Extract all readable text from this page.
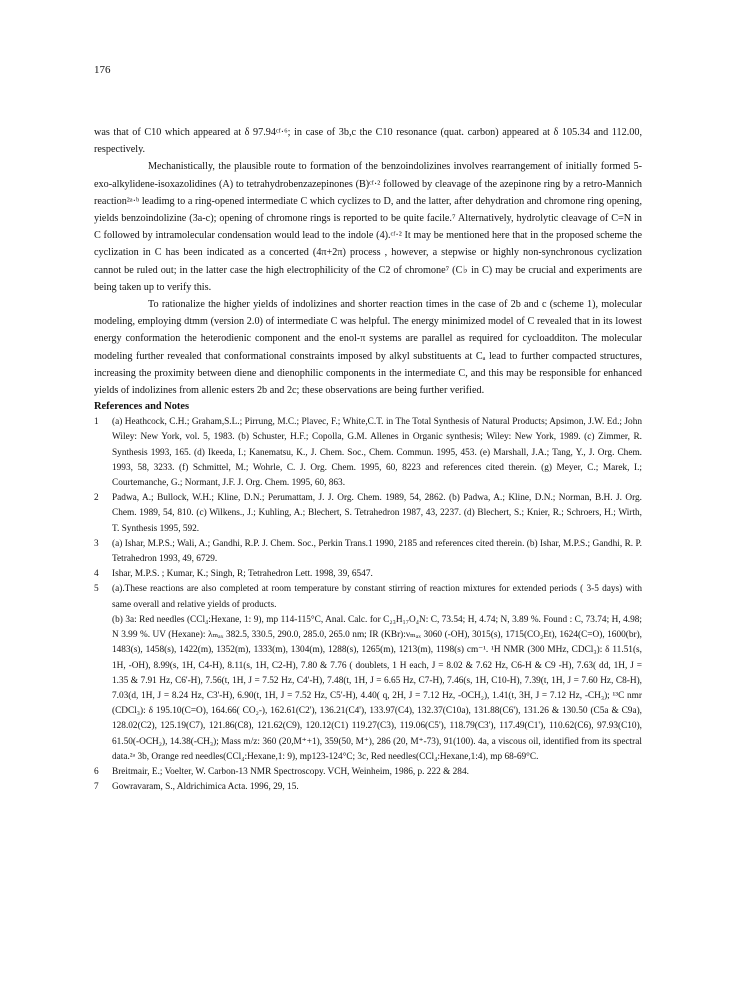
176

was that of C10 which appeared at δ 97.94ᶜᶠ·⁶; in case of 3b,c the C10 resonance (quat. carbon) appeared at δ 105.34 and 112.00, respectively.

Mechanistically, the plausible route to formation of the benzoindolizines involves rearrangement of initially formed 5-exo-alkylidene-isoxazolidines (A) to tetrahydrobenzazepinones (B)ᶜᶠ·² followed by cleavage of the azepinone ring by a retro-Mannich reaction²ᵃ·ᵇ leadimg to a ring-opened intermediate C which cyclizes to D, and the latter, after dehydration and chromone ring opening, yields benzoindolizine (3a-c); opening of chromone rings is reported to be quite facile.⁷ Alternatively, hydrolytic cleavage of C=N in C followed by intramolecular condensation would lead to the indole (4).ᶜᶠ·² It may be mentioned here that in the proposed scheme the cyclization in C has been indicated as a concerted (4π+2π) process , however, a stepwise or highly non-synchronous cyclization cannot be ruled out; in the latter case the high electrophilicity of the C2 of chromone⁷ (C♭ in C) may be crucial and experiments are being taken up to verify this.

To rationalize the higher yields of indolizines and shorter reaction times in the case of 2b and c (scheme 1), molecular modeling, employing dtmm (version 2.0) of intermediate C was helpful. The energy minimized model of C revealed that in its lowest energy conformation the heterodienic component and the enol-π systems are parallel as required for cycloadditon. The molecular modeling further revealed that conformational constraints imposed by alkyl substituents at Cₐ lead to further compacted structures, increasing the proximity between diene and dienophilic components in the intermediate C, and this may be responsible for enhanced yields of indolizines from allenic esters 2b and 2c; these observations are being further verified.

References and Notes

1 (a) Heathcock, C.H.; Graham,S.L.; Pirrung, M.C.; Plavec, F.; White,C.T. in The Total Synthesis of Natural Products; Apsimon, J.W. Ed.; John Wiley: New York, vol. 5, 1983. (b) Schuster, H.F.; Copolla, G.M. Allenes in Organic synthesis; Wiley: New York, 1989. (c) Zimmer, R. Synthesis 1993, 165. (d) Ikeeda, I.; Kanematsu, K., J. Chem. Soc., Chem. Commun. 1995, 453. (e) Marshall, J.A.; Tang, Y., J. Org. Chem. 1993, 58, 3233. (f) Schmittel, M.; Wohrle, C. J. Org. Chem. 1995, 60, 8223 and references cited therein. (g) Meyer, C.; Marek, I.; Courtemanche, G.; Normant, J.F. J. Org. Chem. 1995, 60, 863.
2 Padwa, A.; Bullock, W.H.; Kline, D.N.; Perumattam, J. J. Org. Chem. 1989, 54, 2862. (b) Padwa, A.; Kline, D.N.; Norman, B.H. J. Org. Chem. 1989, 54, 810. (c) Wilkens., J.; Kuhling, A.; Blechert, S. Tetrahedron 1987, 43, 2237. (d) Blechert, S.; Knier, R.; Schroers, H.; Wirth, T. Synthesis 1995, 592.
3 (a) Ishar, M.P.S.; Wali, A.; Gandhi, R.P. J. Chem. Soc., Perkin Trans.1 1990, 2185 and references cited therein. (b) Ishar, M.P.S.; Gandhi, R. P. Tetrahedron 1993, 49, 6729.
4 Ishar, M.P.S. ; Kumar, K.; Singh, R; Tetrahedron Lett. 1998, 39, 6547.
5 (a).These reactions are also completed at room temperature by constant stirring of reaction mixtures for extended periods ( 3-5 days) with same overall and relative yields of products.
(b) 3a: Red needles (CCl₄:Hexane, 1: 9), mp 114-115°C, Anal. Calc. for C₂₃H₁₇O₄N: C, 73.54; H, 4.74; N, 3.89 %. Found : C, 73.74; H, 4.98; N 3.99 %. UV (Hexane): λₘₐₓ 382.5, 330.5, 290.0, 285.0, 265.0 nm; IR (KBr):νₘₐₓ 3060 (-OH), 3015(s), 1715(CO₂Et), 1624(C=O), 1600(br), 1483(s), 1458(s), 1422(m), 1352(m), 1333(m), 1304(m), 1288(s), 1265(m), 1213(m), 1198(s) cm⁻¹. ¹H NMR (300 MHz, CDCl₃): δ 11.51(s, 1H, -OH), 8.99(s, 1H, C4-H), 8.11(s, 1H, C2-H), 7.80 & 7.76 ( doublets, 1 H each, J = 8.02 & 7.62 Hz, C6-H & C9 -H), 7.63( dd, 1H, J = 1.35 & 7.91 Hz, C6'-H), 7.56(t, 1H, J = 7.52 Hz, C4'-H), 7.48(t, 1H, J = 6.65 Hz, C7-H), 7.46(s, 1H, C10-H), 7.39(t, 1H, J = 7.60 Hz, C8-H), 7.03(d, 1H, J = 8.24 Hz, C3'-H), 6.90(t, 1H, J = 7.52 Hz, C5'-H), 4.40( q, 2H, J = 7.12 Hz, -OCH₂), 1.41(t, 3H, J = 7.12 Hz, -CH₃); ¹³C nmr (CDCl₃): δ 195.10(C=O), 164.66( CO₂-), 162.61(C2'), 136.21(C4'), 133.97(C4), 132.37(C10a), 131.88(C6'), 131.26 & 130.50 (C5a & C9a), 128.02(C2), 125.19(C7), 121.86(C8), 121.62(C9), 120.12(C1) 119.27(C3), 119.06(C5'), 118.79(C3'), 117.49(C1'), 110.62(C6), 97.93(C10), 61.50(-OCH₂), 14.38(-CH₃); Mass m/z: 360 (20,M⁺+1), 359(50, M⁺), 286 (20, M⁺-73), 91(100). 4a, a viscous oil, identified from its spectral data.²ᵃ 3b, Orange red needles(CCl₄:Hexane,1: 9), mp123-124°C; 3c, Red needles(CCl₄:Hexane,1:4), mp 68-69°C.
6 Breitmair, E.; Voelter, W. Carbon-13 NMR Spectroscopy. VCH, Weinheim, 1986, p. 222 & 284.
7 Gowravaram, S., Aldrichimica Acta. 1996, 29, 15.
